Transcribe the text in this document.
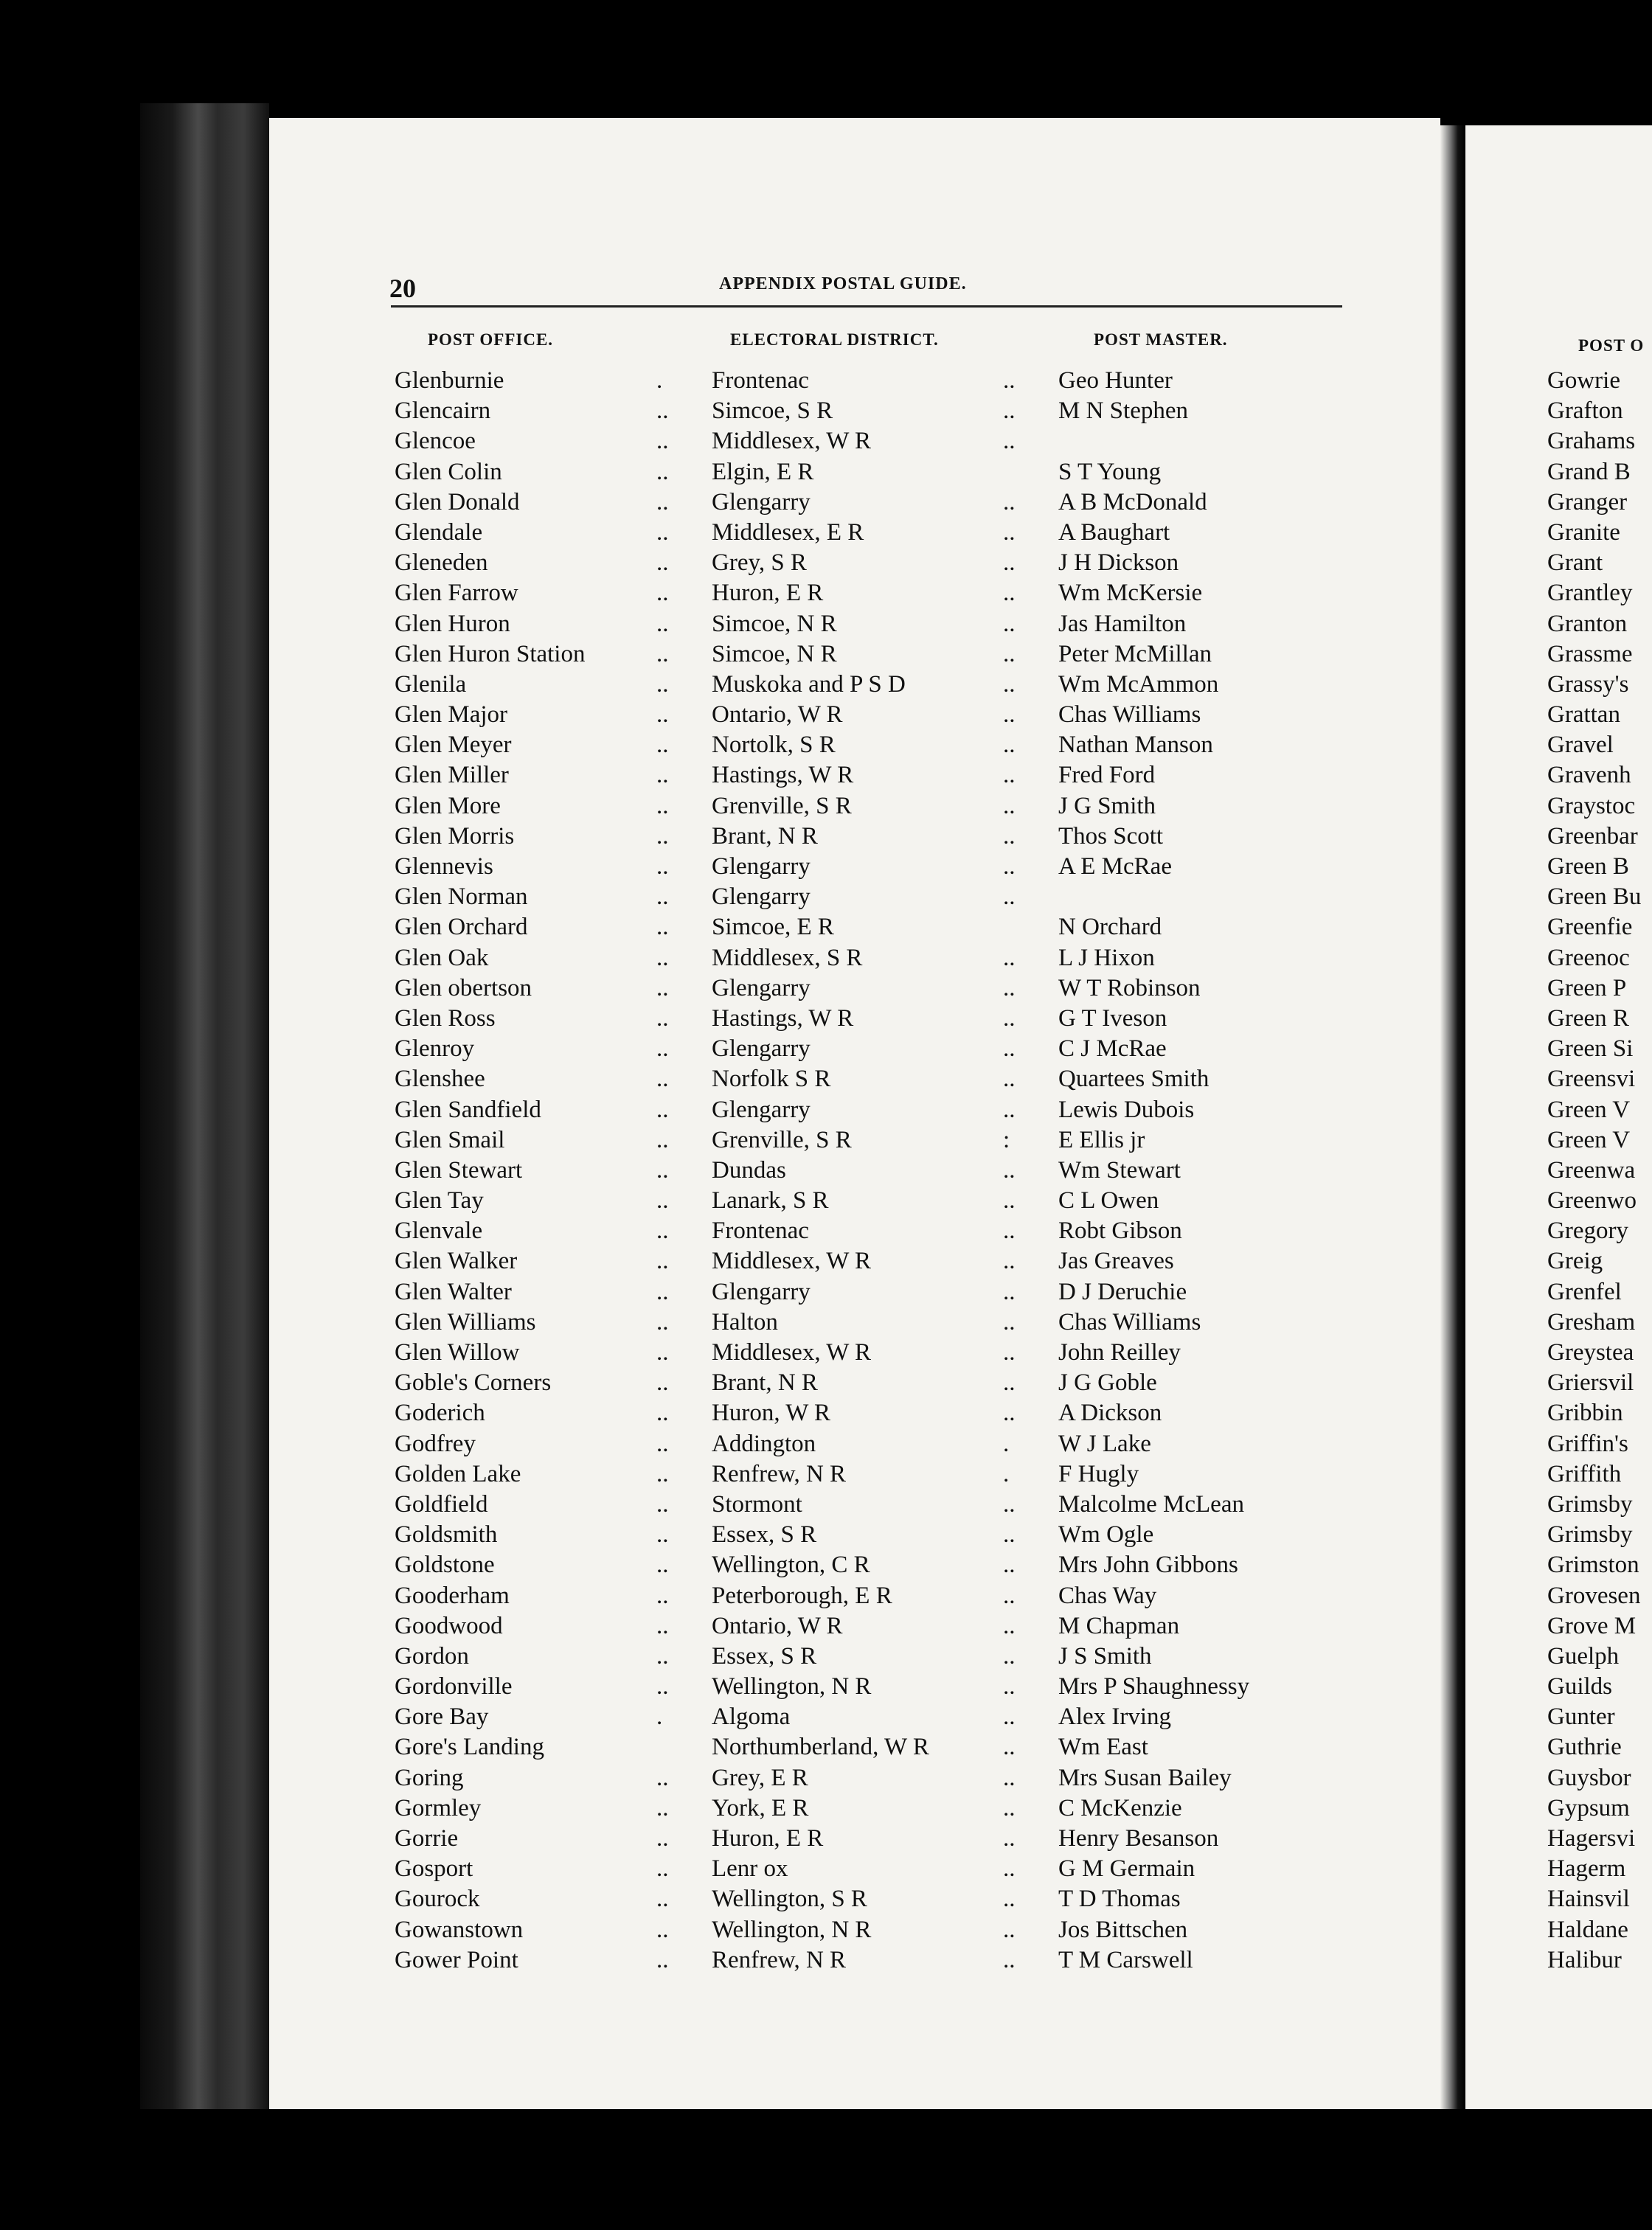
20	APPENDIX POSTAL GUIDE.
POST OFFICE.	ELECTORAL DISTRICT.	POST MASTER.
Glenburnie	. Frontenac	.. Geo Hunter
Glencairn	.. Simcoe, S R	.. M N Stephen
Glencoe	.. Middlesex, W R	..
Glen Colin	.. Elgin, E R	S T Young
Glen Donald	.. Glengarry	.. A B McDonald
Glendale	.. Middlesex, E R	.. A Baughart
Gleneden	.. Grey, S R	.. J H Dickson
Glen Farrow	.. Huron, E R	.. Wm McKersie
Glen Huron	.. Simcoe, N R	.. Jas Hamilton
Glen Huron Station	.. Simcoe, N R	.. Peter McMillan
Glenila	.. Muskoka and P S D	.. Wm McAmmon
Glen Major	.. Ontario, W R	.. Chas Williams
Glen Meyer	.. Nortolk, S R	.. Nathan Manson
Glen Miller	.. Hastings, W R	.. Fred Ford
Glen More	.. Grenville, S R	.. J G Smith
Glen Morris	.. Brant, N R	.. Thos Scott
Glennevis	.. Glengarry	.. A E McRae
Glen Norman	.. Glengarry	..
Glen Orchard	.. Simcoe, E R	N Orchard
Glen Oak	.. Middlesex, S R	.. L J Hixon
Glen obertson	.. Glengarry	.. W T Robinson
Glen Ross	.. Hastings, W R	.. G T Iveson
Glenroy	.. Glengarry	.. C J McRae
Glenshee	.. Norfolk S R	.. Quartees Smith
Glen Sandfield	.. Glengarry	.. Lewis Dubois
Glen Smail	.. Grenville, S R	: E Ellis jr
Glen Stewart	.. Dundas	.. Wm Stewart
Glen Tay	.. Lanark, S R	.. C L Owen
Glenvale	.. Frontenac	.. Robt Gibson
Glen Walker	.. Middlesex, W R	.. Jas Greaves
Glen Walter	.. Glengarry	.. D J Deruchie
Glen Williams	.. Halton	.. Chas Williams
Glen Willow	.. Middlesex, W R	.. John Reilley
Goble's Corners	.. Brant, N R	.. J G Goble
Goderich	.. Huron, W R	.. A Dickson
Godfrey	.. Addington	. W J Lake
Golden Lake	.. Renfrew, N R	. F Hugly
Goldfield	.. Stormont	.. Malcolme McLean
Goldsmith	.. Essex, S R	.. Wm Ogle
Goldstone	.. Wellington, C R	.. Mrs John Gibbons
Gooderham	.. Peterborough, E R	.. Chas Way
Goodwood	.. Ontario, W R	.. M Chapman
Gordon	.. Essex, S R	.. J S Smith
Gordonville	.. Wellington, N R	.. Mrs P Shaughnessy
Gore Bay	. Algoma	.. Alex Irving
Gore's Landing	Northumberland, W R	.. Wm East
Goring	.. Grey, E R	.. Mrs Susan Bailey
Gormley	.. York, E R	.. C McKenzie
Gorrie	.. Huron, E R	.. Henry Besanson
Gosport	.. Lenr ox	.. G M Germain
Gourock	.. Wellington, S R	.. T D Thomas
Gowanstown	.. Wellington, N R	.. Jos Bittschen
Gower Point	.. Renfrew, N R	.. T M Carswell
POST O
Gowrie
Grafton
Grahams
Grand B
Granger
Granite
Grant
Grantley
Granton
Grassme
Grassy's
Grattan
Gravel
Gravenh
Graystoc
Greenbar
Green B
Green Bu
Greenfie
Greenoc
Green P
Green R
Green Si
Greensvi
Green V
Green V
Greenwa
Greenwo
Gregory
Greig
Grenfel
Gresham
Greystea
Griersvil
Gribbin
Griffin's
Griffith
Grimsby
Grimsby
Grimston
Grovesen
Grove M
Guelph
Guilds
Gunter
Guthrie
Guysbor
Gypsum
Hagersvi
Hagerm
Hainsvil
Haldane
Halibur
